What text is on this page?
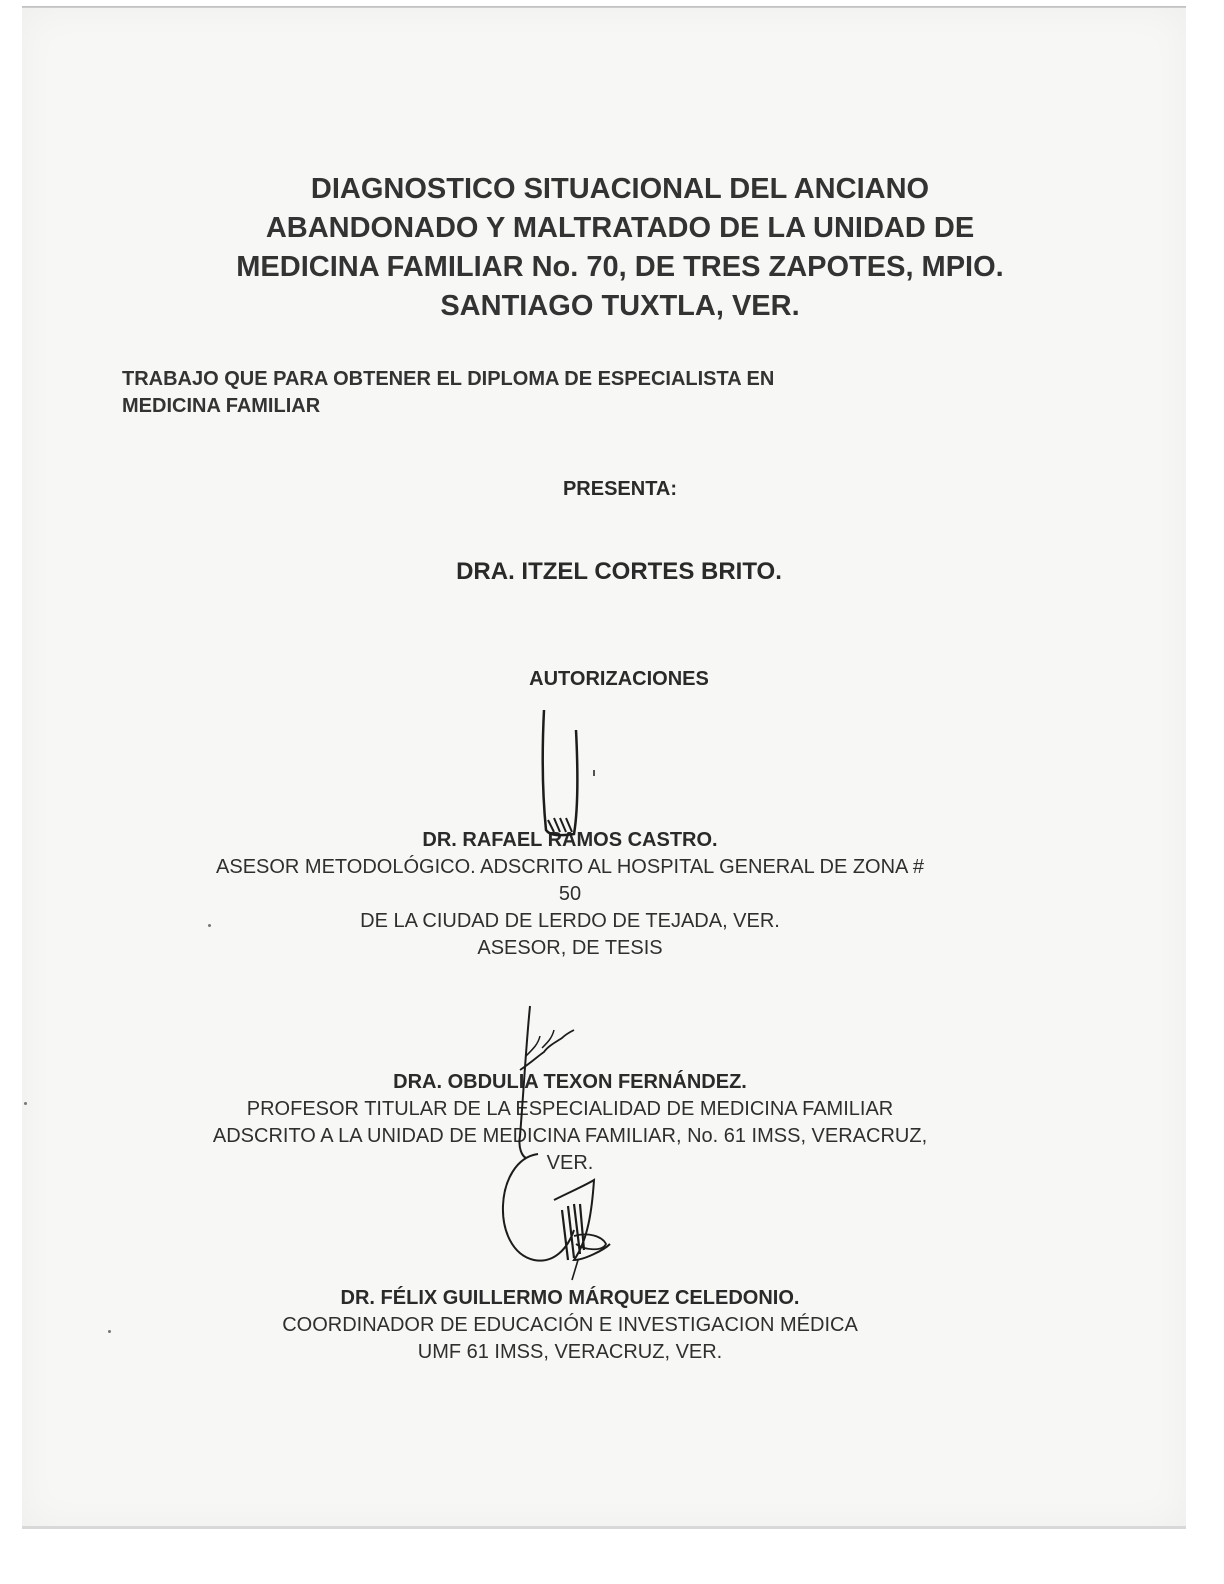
DIAGNOSTICO SITUACIONAL DEL ANCIANO
ABANDONADO Y MALTRATADO DE LA UNIDAD DE
MEDICINA FAMILIAR No. 70, DE TRES ZAPOTES, MPIO.
SANTIAGO TUXTLA, VER.
TRABAJO QUE PARA OBTENER EL DIPLOMA DE ESPECIALISTA EN
MEDICINA FAMILIAR
PRESENTA:
DRA. ITZEL CORTES BRITO.
AUTORIZACIONES
DR. RAFAEL RAMOS CASTRO.
ASESOR METODOLÓGICO. ADSCRITO AL HOSPITAL GENERAL DE ZONA #
50
DE LA CIUDAD DE LERDO DE TEJADA, VER.
ASESOR, DE TESIS
DRA. OBDULIA TEXON FERNÁNDEZ.
PROFESOR TITULAR DE LA ESPECIALIDAD DE MEDICINA FAMILIAR
ADSCRITO A LA UNIDAD DE MEDICINA FAMILIAR, No. 61 IMSS, VERACRUZ,
VER.
DR. FÉLIX GUILLERMO MÁRQUEZ CELEDONIO.
COORDINADOR DE EDUCACIÓN E INVESTIGACION MÉDICA
UMF 61 IMSS, VERACRUZ, VER.
